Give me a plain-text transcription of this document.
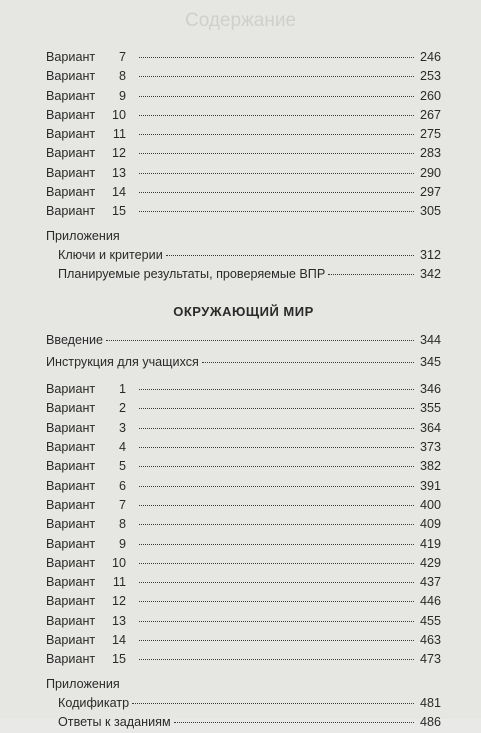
Содержание
Вариант 7	246
Вариант 8	253
Вариант 9	260
Вариант 10	267
Вариант 11	275
Вариант 12	283
Вариант 13	290
Вариант 14	297
Вариант 15	305
Приложения
Ключи и критерии	312
Планируемые результаты, проверяемые ВПР	342
ОКРУЖАЮЩИЙ МИР
Введение	344
Инструкция для учащихся	345
Вариант 1	346
Вариант 2	355
Вариант 3	364
Вариант 4	373
Вариант 5	382
Вариант 6	391
Вариант 7	400
Вариант 8	409
Вариант 9	419
Вариант 10	429
Вариант 11	437
Вариант 12	446
Вариант 13	455
Вариант 14	463
Вариант 15	473
Приложения
Кодификатр	481
Ответы к заданиям	486
